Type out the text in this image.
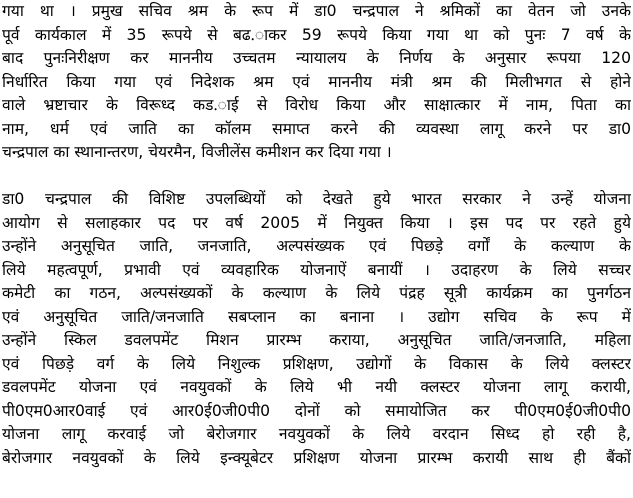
गया था । प्रमुख सचिव श्रम के रूप में डा0 चन्द्रपाल ने श्रमिकों का वेतन जो उनके
पूर्व कार्यकाल में 35 रूपये से बढ.ाकर 59 रूपये किया गया था को पुनः 7 वर्ष के
बाद पुनःनिरीक्षण कर माननीय उच्चतम न्यायालय के निर्णय के अनुसार रूपया 120
निर्धारित किया गया एवं निदेशक श्रम एवं माननीय मंत्री श्रम की मिलीभगत से होने
वाले भ्रष्टाचार के विरूध्द कड.ाई से विरोध किया और साक्षात्कार में नाम, पिता का
नाम, धर्म एवं जाति का कॉलम समाप्त करने की व्यवस्था लागू करने पर डा0
चन्द्रपाल का स्थानान्तरण, चेयरमैन, विजीलेंस कमीशन कर दिया गया ।
डा0 चन्द्रपाल की विशिष्ट उपलब्धियों को देखते हुये भारत सरकार ने उन्हें योजना
आयोग से सलाहकार पद पर वर्ष 2005 में नियुक्त किया । इस पद पर रहते हुये
उन्होंने अनुसूचित जाति, जनजाति, अल्पसंख्यक एवं पिछड़े वर्गों के कल्याण के
लिये महत्वपूर्ण, प्रभावी एवं व्यवहारिक योजनाऐं बनायीं । उदाहरण के लिये सच्चर
कमेटी का गठन, अल्पसंख्यकों के कल्याण के लिये पंद्रह सूत्री कार्यक्रम का पुनर्गठन
एवं अनुसूचित जाति/जनजाति सबप्लान का बनाना । उद्योग सचिव के रूप में
उन्होंने स्किल डवलपमेंट मिशन प्रारम्भ कराया, अनुसूचित जाति/जनजाति, महिला
एवं पिछड़े वर्ग के लिये निशुल्क प्रशिक्षण, उद्योगों के विकास के लिये क्लस्टर
डवलपमेंट योजना एवं नवयुवकों के लिये भी नयी क्लस्टर योजना लागू करायी,
पी0एम0आर0वाई एवं आर0ई0जी0पी0 दोनों को समायोजित कर पी0एम0ई0जी0पी0
योजना लागू करवाई जो बेरोजगार नवयुवकों के लिये वरदान सिध्द हो रही है,
बेरोजगार नवयुवकों के लिये इन्क्यूबेटर प्रशिक्षण योजना प्रारम्भ करायी साथ ही बैंकों
